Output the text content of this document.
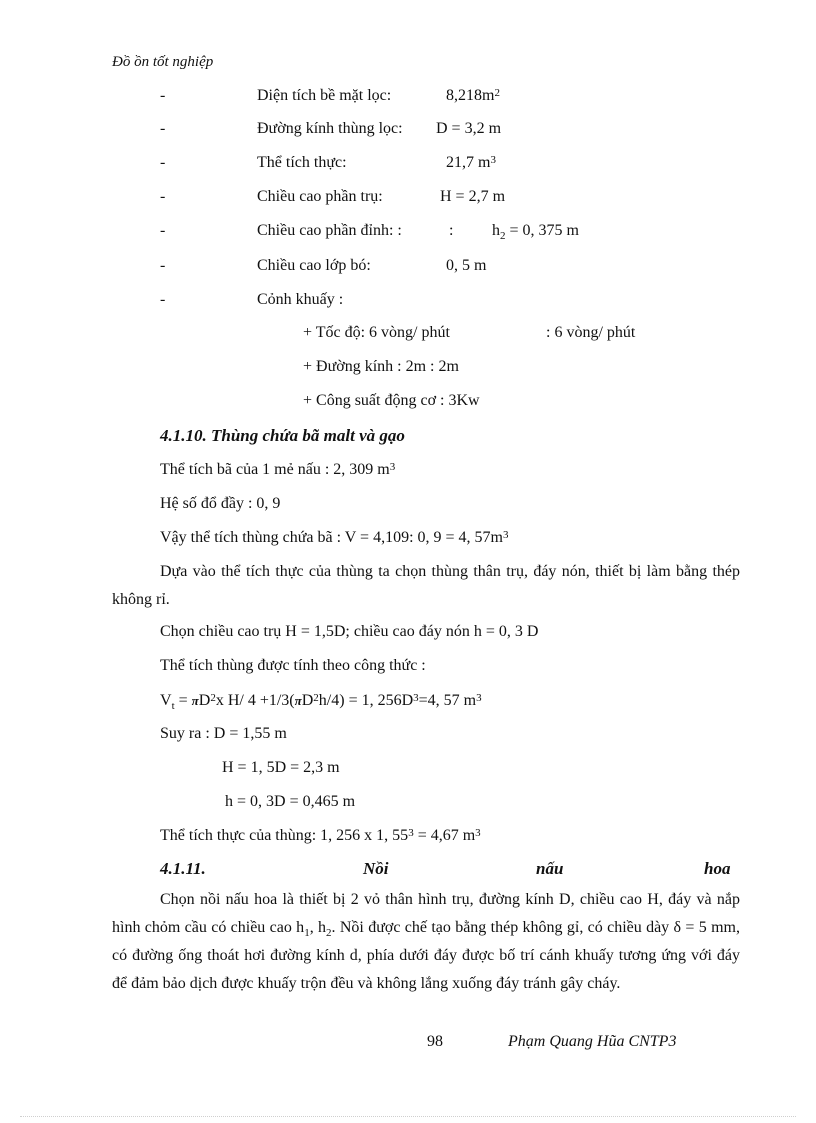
Đồ ồn tốt nghiệp
-	Diện tích bề mặt lọc:	$8,218m^2$
-	Đường kính thùng lọc: D = 3,2 m
-	Thể tích thực:	21,7 $m^3$
-	Chiều cao phần trụ:	H = 2,7 m
-	Chiều cao phần đỉnh: :	: $h_2 = 0$, 375 m
-	Chiều cao lớp bó:	0, 5 m
-	Cỏnh khuấy :
+ Tốc độ: 6 vòng/ phút	: 6 vòng/ phút
+ Đường kính : 2m : 2m
+ Công suất động cơ : 3Kw
4.1.10. Thùng chứa bã malt và gạo
Thể tích bã của 1 mẻ nấu : 2, 309 $m^3$
Hệ số đổ đầy : 0, 9
Vậy thể tích thùng chứa bã : V = 4,109: 0, 9 = 4, $57m^3$
Dựa vào thể tích thực của thùng ta chọn thùng thân trụ, đáy nón, thiết bị làm bằng thép không rỉ.
Chọn chiều cao trụ H = 1,5D; chiều cao đáy nón h = 0, 3 D
Thể tích thùng được tính theo công thức :
$V_t = \pi D^2x$ H/ $4 +1/3(\pi D^2h/4) = 1$, $256D^3=4$, 57 $m^3$
Suy ra : D = 1,55 m
H = 1, 5D = 2,3 m
h = 0, 3D = 0,465 m
Thể tích thực của thùng: 1, 256 x 1, $55^3 = 4,67$ $m^3$
4.1.11.	Nồi	nấu	hoa
Chọn nồi nấu hoa là thiết bị 2 vỏ thân hình trụ, đường kính D, chiều cao H, đáy và nắp hình chỏm cầu có chiều cao $h_1$, $h_2$. Nồi được chế tạo bằng thép không gỉ, có chiều dày δ = 5 mm, có đường ống thoát hơi đường kính d, phía dưới đáy được bố trí cánh khuấy tương ứng với đáy để đảm bảo dịch được khuấy trộn đều và không lắng xuống đáy tránh gây cháy.
98	Phạm Quang Hũa CNTP3
